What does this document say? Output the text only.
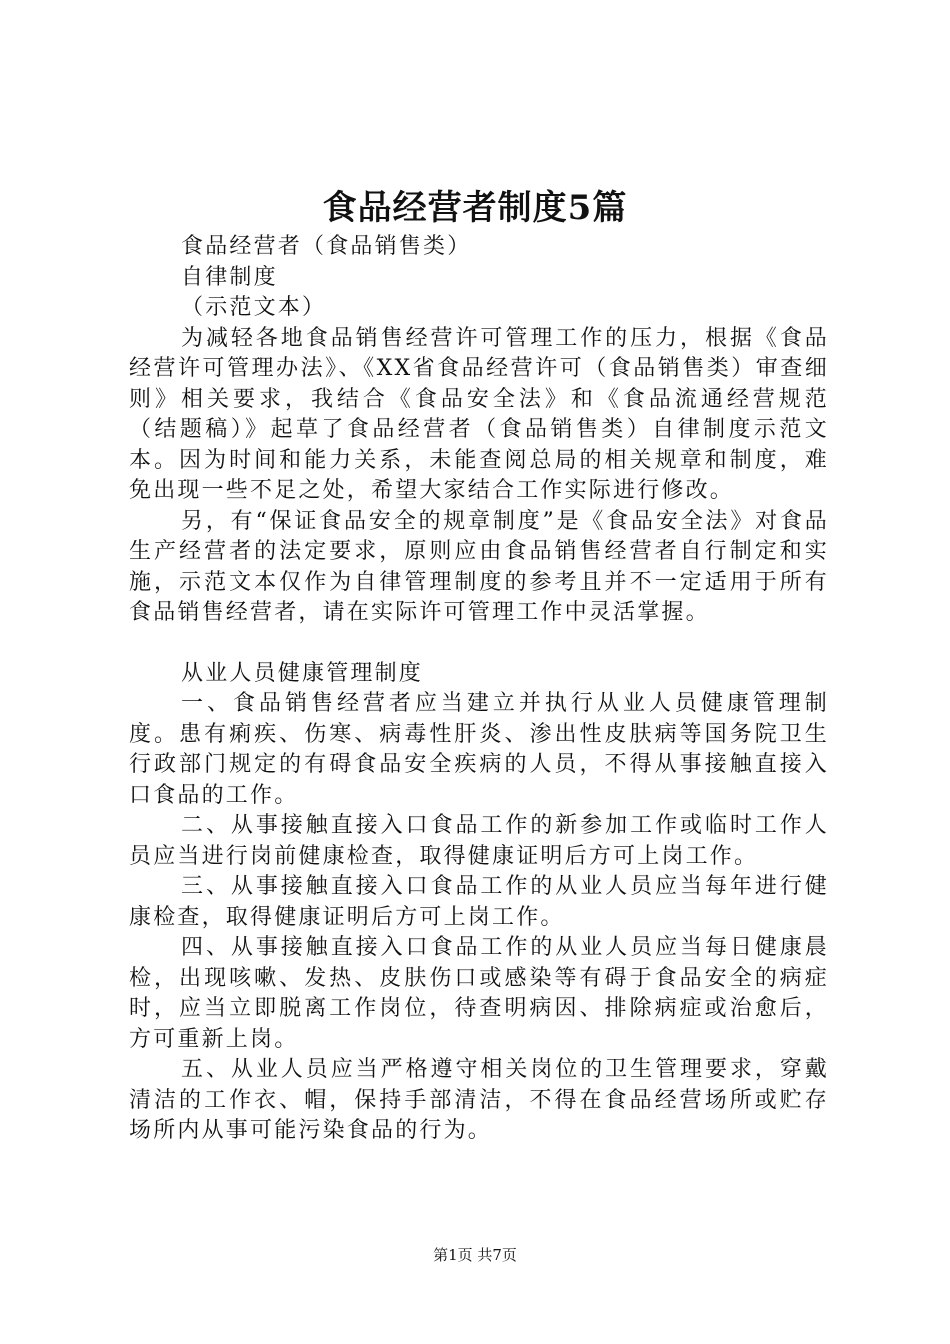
食品经营者制度5篇

食品经营者（食品销售类）

自律制度

（示范文本）

为减轻各地食品销售经营许可管理工作的压力，根据《食品经营许可管理办法》、《XX省食品经营许可（食品销售类）审查细则》相关要求，我结合《食品安全法》和《食品流通经营规范（结题稿）》起草了食品经营者（食品销售类）自律制度示范文本。因为时间和能力关系，未能查阅总局的相关规章和制度，难免出现一些不足之处，希望大家结合工作实际进行修改。

另，有“保证食品安全的规章制度”是《食品安全法》对食品生产经营者的法定要求，原则应由食品销售经营者自行制定和实施，示范文本仅作为自律管理制度的参考且并不一定适用于所有食品销售经营者，请在实际许可管理工作中灵活掌握。

从业人员健康管理制度

一、食品销售经营者应当建立并执行从业人员健康管理制度。患有痢疾、伤寒、病毒性肝炎、渗出性皮肤病等国务院卫生行政部门规定的有碍食品安全疾病的人员，不得从事接触直接入口食品的工作。

二、从事接触直接入口食品工作的新参加工作或临时工作人员应当进行岗前健康检查，取得健康证明后方可上岗工作。

三、从事接触直接入口食品工作的从业人员应当每年进行健康检查，取得健康证明后方可上岗工作。

四、从事接触直接入口食品工作的从业人员应当每日健康晨检，出现咳嗽、发热、皮肤伤口或感染等有碍于食品安全的病症时，应当立即脱离工作岗位，待查明病因、排除病症或治愈后，方可重新上岗。

五、从业人员应当严格遵守相关岗位的卫生管理要求，穿戴清洁的工作衣、帽，保持手部清洁，不得在食品经营场所或贮存场所内从事可能污染食品的行为。

第1页 共7页
